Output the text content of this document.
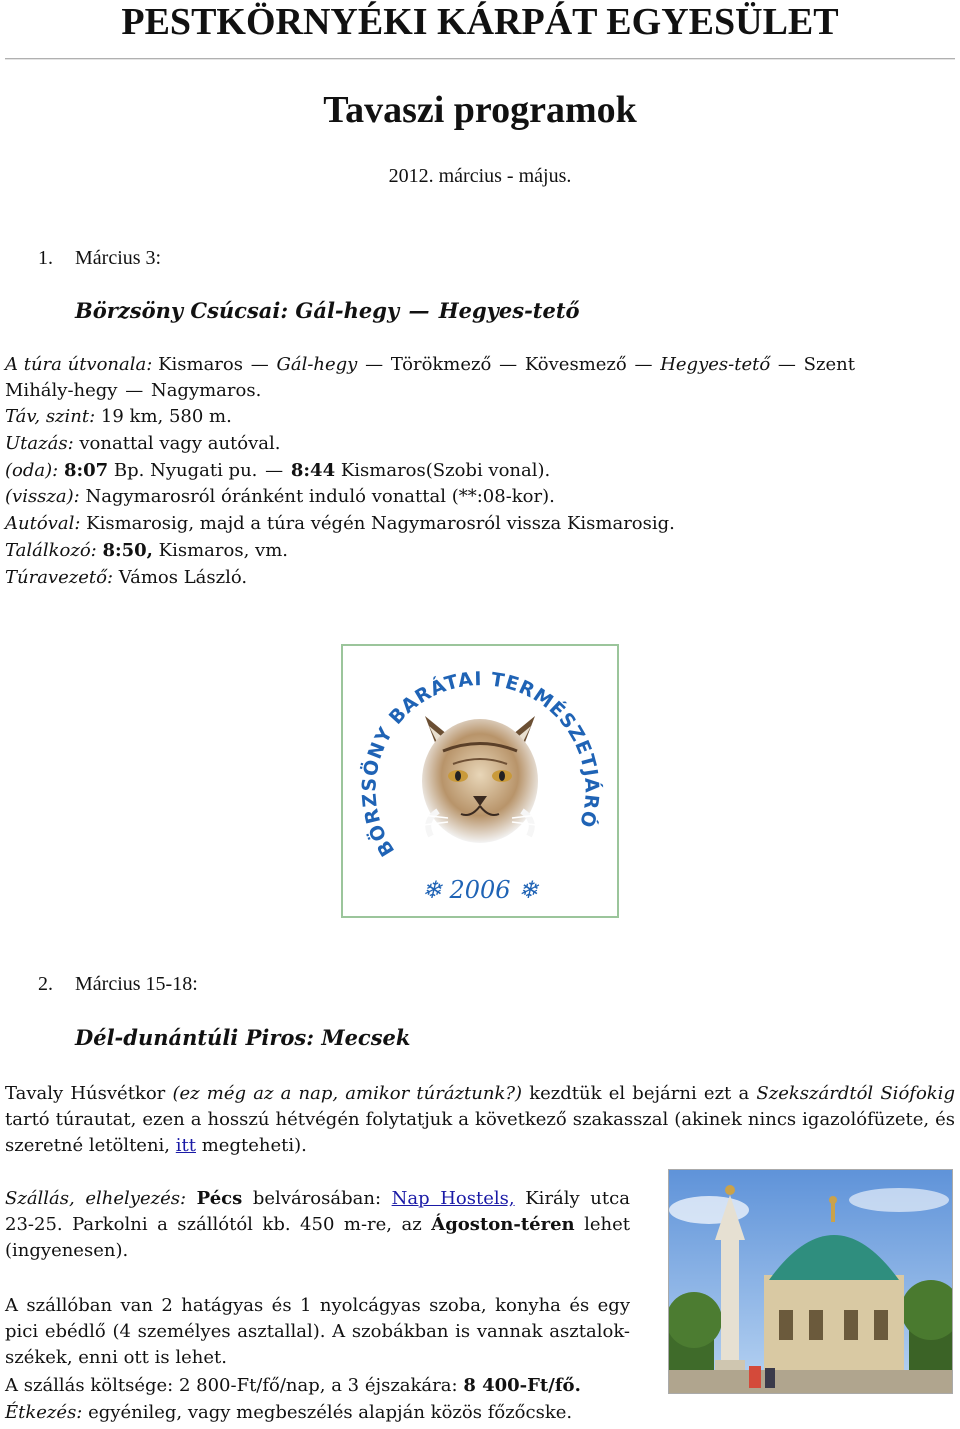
PESTKÖRNYÉKI KÁRPÁT EGYESÜLET
Tavaszi programok
2012. március - május.
1. Március 3:
Börzsöny Csúcsai: Gál-hegy — Hegyes-tető
A túra útvonala: Kismaros — Gál-hegy — Törökmező — Kövesmező — Hegyes-tető — Szent
Mihály-hegy — Nagymaros.
Táv, szint: 19 km, 580 m.
Utazás: vonattal vagy autóval.
(oda): 8:07 Bp. Nyugati pu. — 8:44 Kismaros(Szobi vonal).
(vissza): Nagymarosról óránként induló vonattal (**:08-kor).
Autóval: Kismarosig, majd a túra végén Nagymarosról vissza Kismarosig.
Találkozó: 8:50, Kismaros, vm.
Túravezető: Vámos László.
BÖRZSÖNY BARÁTAI TERMÉSZETJÁRÓ
❄ 2006 ❄
2. Március 15-18:
Dél-dunántúli Piros: Mecsek
Tavaly Húsvétkor (ez még az a nap, amikor túráztunk?) kezdtük el bejárni ezt a Szekszárdtól Siófokig tartó túrautat, ezen a hosszú hétvégén folytatjuk a következő szakasszal (akinek nincs igazolófüzete, és szeretné letölteni, itt megteheti).
Szállás, elhelyezés: Pécs belvárosában: Nap Hostels, Király utca 23-25. Parkolni a szállótól kb. 450 m-re, az Ágoston-téren lehet (ingyenesen).
A szállóban van 2 hatágyas és 1 nyolcágyas szoba, konyha és egy pici ebédlő (4 személyes asztallal). A szobákban is vannak asztalok-székek, enni ott is lehet.
A szállás költsége: 2 800-Ft/fő/nap, a 3 éjszakára: 8 400-Ft/fő.
Étkezés: egyénileg, vagy megbeszélés alapján közös főzőcske.
